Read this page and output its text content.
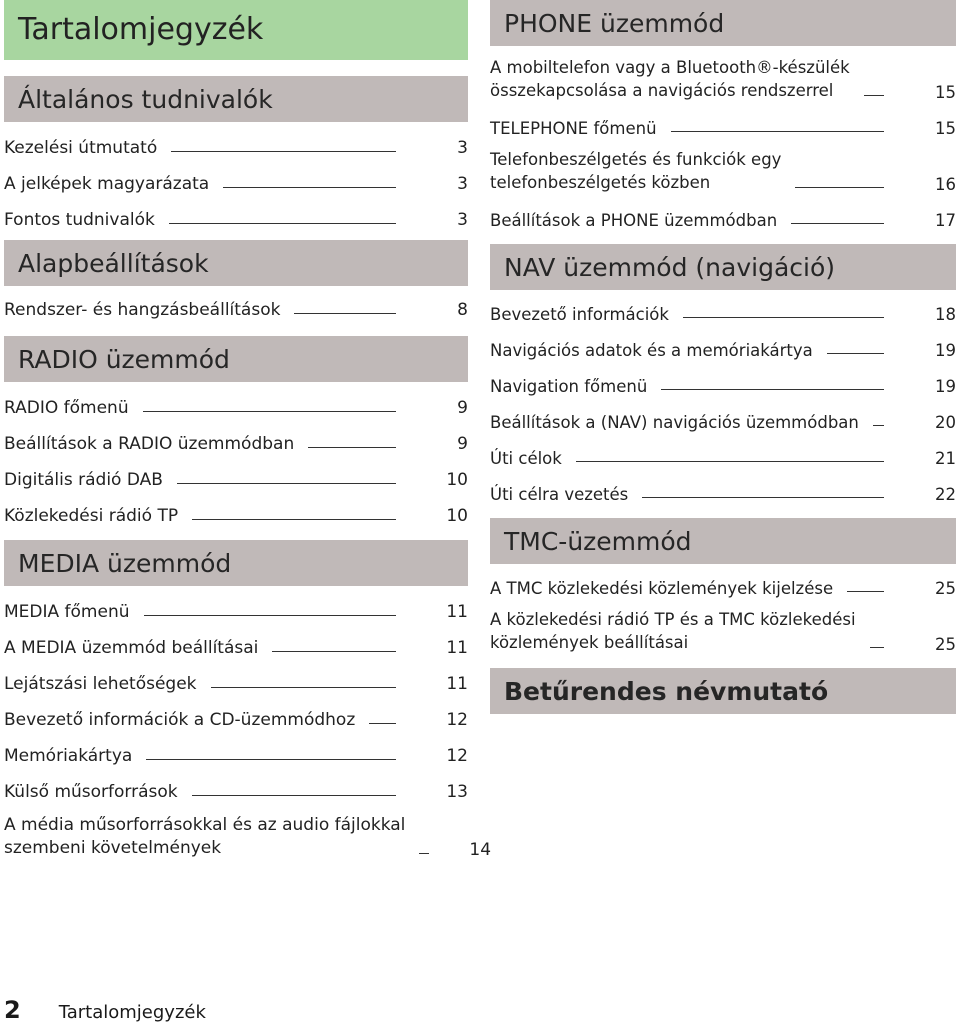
Tartalomjegyzék
Általános tudnivalók
Kezelési útmutató	3
A jelképek magyarázata	3
Fontos tudnivalók	3
Alapbeállítások
Rendszer- és hangzásbeállítások	8
RADIO üzemmód
RADIO főmenü	9
Beállítások a RADIO üzemmódban	9
Digitális rádió DAB	10
Közlekedési rádió TP	10
MEDIA üzemmód
MEDIA főmenü	11
A MEDIA üzemmód beállításai	11
Lejátszási lehetőségek	11
Bevezető információk a CD-üzemmódhoz	12
Memóriakártya	12
Külső műsorforrások	13
A média műsorforrásokkal és az audio fájlokkal
szembeni követelmények	14
PHONE üzemmód
A mobiltelefon vagy a Bluetooth®-készülék
összekapcsolása a navigációs rendszerrel	15
TELEPHONE főmenü	15
Telefonbeszélgetés és funkciók egy
telefonbeszélgetés közben	16
Beállítások a PHONE üzemmódban	17
NAV üzemmód (navigáció)
Bevezető információk	18
Navigációs adatok és a memóriakártya	19
Navigation főmenü	19
Beállítások a (NAV) navigációs üzemmódban	20
Úti célok	21
Úti célra vezetés	22
TMC-üzemmód
A TMC közlekedési közlemények kijelzése	25
A közlekedési rádió TP és a TMC közlekedési
közlemények beállításai	25
Betűrendes névmutató
2 Tartalomjegyzék
